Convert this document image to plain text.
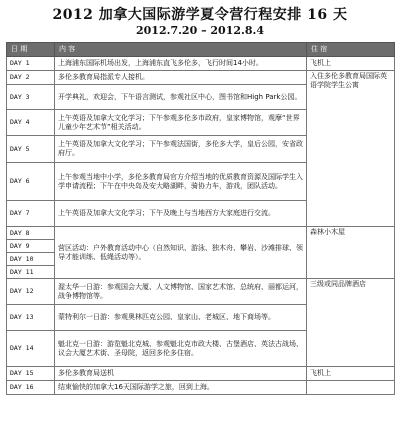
2012 加拿大国际游学夏令营行程安排 16 天
2012.7.20 – 2012.8.4
日 期	内 容	住 宿
DAY 1	上海浦东国际机场出发，上海浦东直飞多伦多，飞行时间14小时。	飞机上
DAY 2	多伦多教育局指派专人接机。	入住多伦多教育局国际英语学院学生公寓
DAY 3	开学典礼，欢迎会，下午语言测试，参观社区中心，图书馆和High Park公园。	
DAY 4	上午英语及加拿大文化学习；下午参观多伦多市政府，皇家博物馆，观摩“世界儿童少年艺术节”相关活动。	
DAY 5	上午英语及加拿大文化学习；下午参观法国街，多伦多大学，皇后公园，安省政府厅。	
DAY 6	上午参观当地中小学，多伦多教育局官方介绍当地的优质教育资源及国际学生入学申请流程；下午在中央岛及安大略湖畔，骑协力车，游戏，团队活动。	
DAY 7	上午英语及加拿大文化学习；下午及晚上与当地西方大家庭进行交流。	
DAY 8	营区活动：户外教育活动中心（自然知识、游泳、独木舟、攀岩、沙滩排球、领导才能训练、低绳活动等）。	森林小木屋
DAY 9		
DAY 10		
DAY 11		
DAY 12	渥太华一日游：参观国会大厦、人文博物馆、国家艺术馆、总统府、丽都运河，战争博物馆等。	三级或同品牌酒店
DAY 13	蒙特利尔一日游：参观奥林匹克公园、皇家山、老城区、地下商场等。	
DAY 14	魁北克一日游：游览魁北克城、参观魁北克市政大楼、古堡酒店、英法古战场、议会大厦艺术街、圣母院，返回多伦多住宿。	
DAY 15	多伦多教育局送机	飞机上
DAY 16	结束愉快的加拿大16天国际游学之旅，回到上海。	
